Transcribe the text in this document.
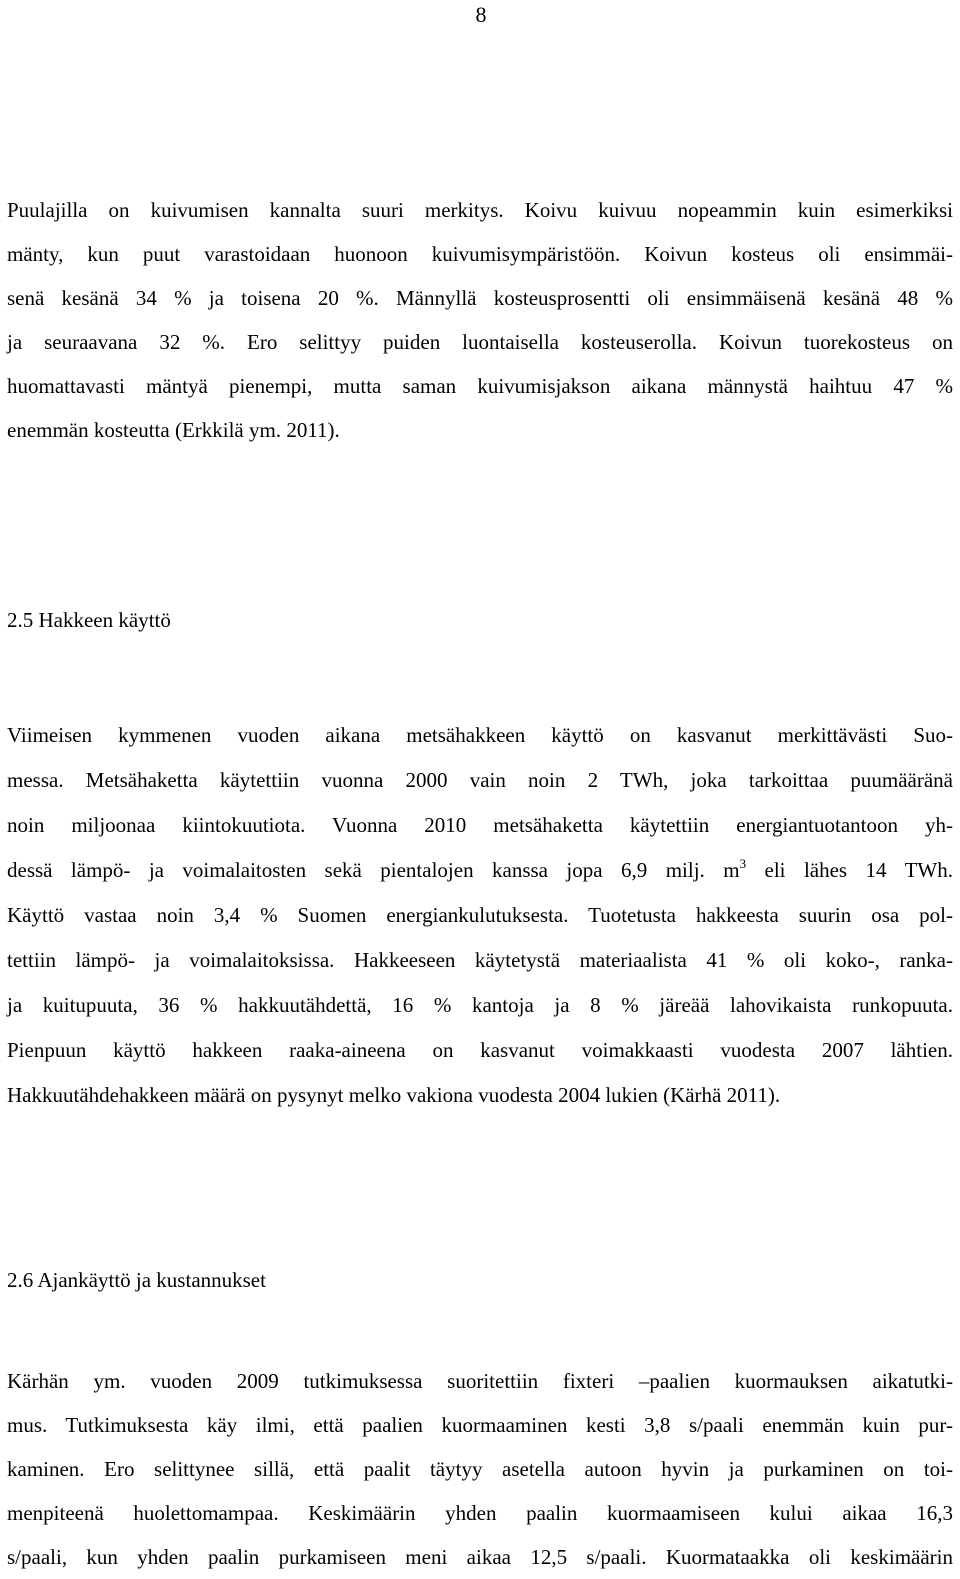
8
Puulajilla on kuivumisen kannalta suuri merkitys. Koivu kuivuu nopeammin kuin esimerkiksi
mänty, kun puut varastoidaan huonoon kuivumisympäristöön. Koivun kosteus oli ensimmäi-
senä kesänä 34 % ja toisena 20 %. Männyllä kosteusprosentti oli ensimmäisenä kesänä 48 %
ja seuraavana 32 %. Ero selittyy puiden luontaisella kosteuserolla. Koivun tuorekosteus on
huomattavasti mäntyä pienempi, mutta saman kuivumisjakson aikana männystä haihtuu 47 %
enemmän kosteutta (Erkkilä ym. 2011).
2.5 Hakkeen käyttö
Viimeisen kymmenen vuoden aikana metsähakkeen käyttö on kasvanut merkittävästi Suo-
messa. Metsähaketta käytettiin vuonna 2000 vain noin 2 TWh, joka tarkoittaa puumääränä
noin miljoonaa kiintokuutiota. Vuonna 2010 metsähaketta käytettiin energiantuotantoon yh-
dessä lämpö- ja voimalaitosten sekä pientalojen kanssa jopa 6,9 milj. $m^3$ eli lähes 14 TWh.
Käyttö vastaa noin 3,4 % Suomen energiankulutuksesta. Tuotetusta hakkeesta suurin osa pol-
tettiin lämpö- ja voimalaitoksissa. Hakkeeseen käytetystä materiaalista 41 % oli koko-, ranka-
ja kuitupuuta, 36 % hakkuutähdettä, 16 % kantoja ja 8 % järeää lahovikaista runkopuuta.
Pienpuun käyttö hakkeen raaka-aineena on kasvanut voimakkaasti vuodesta 2007 lähtien.
Hakkuutähdehakkeen määrä on pysynyt melko vakiona vuodesta 2004 lukien (Kärhä 2011).
2.6 Ajankäyttö ja kustannukset
Kärhän ym. vuoden 2009 tutkimuksessa suoritettiin fixteri –paalien kuormauksen aikatutki-
mus. Tutkimuksesta käy ilmi, että paalien kuormaaminen kesti 3,8 s/paali enemmän kuin pur-
kaminen. Ero selittynee sillä, että paalit täytyy asetella autoon hyvin ja purkaminen on toi-
menpiteenä huolettomampaa. Keskimäärin yhden paalin kuormaamiseen kului aikaa 16,3
s/paali, kun yhden paalin purkamiseen meni aikaa 12,5 s/paali. Kuormataakka oli keskimäärin
